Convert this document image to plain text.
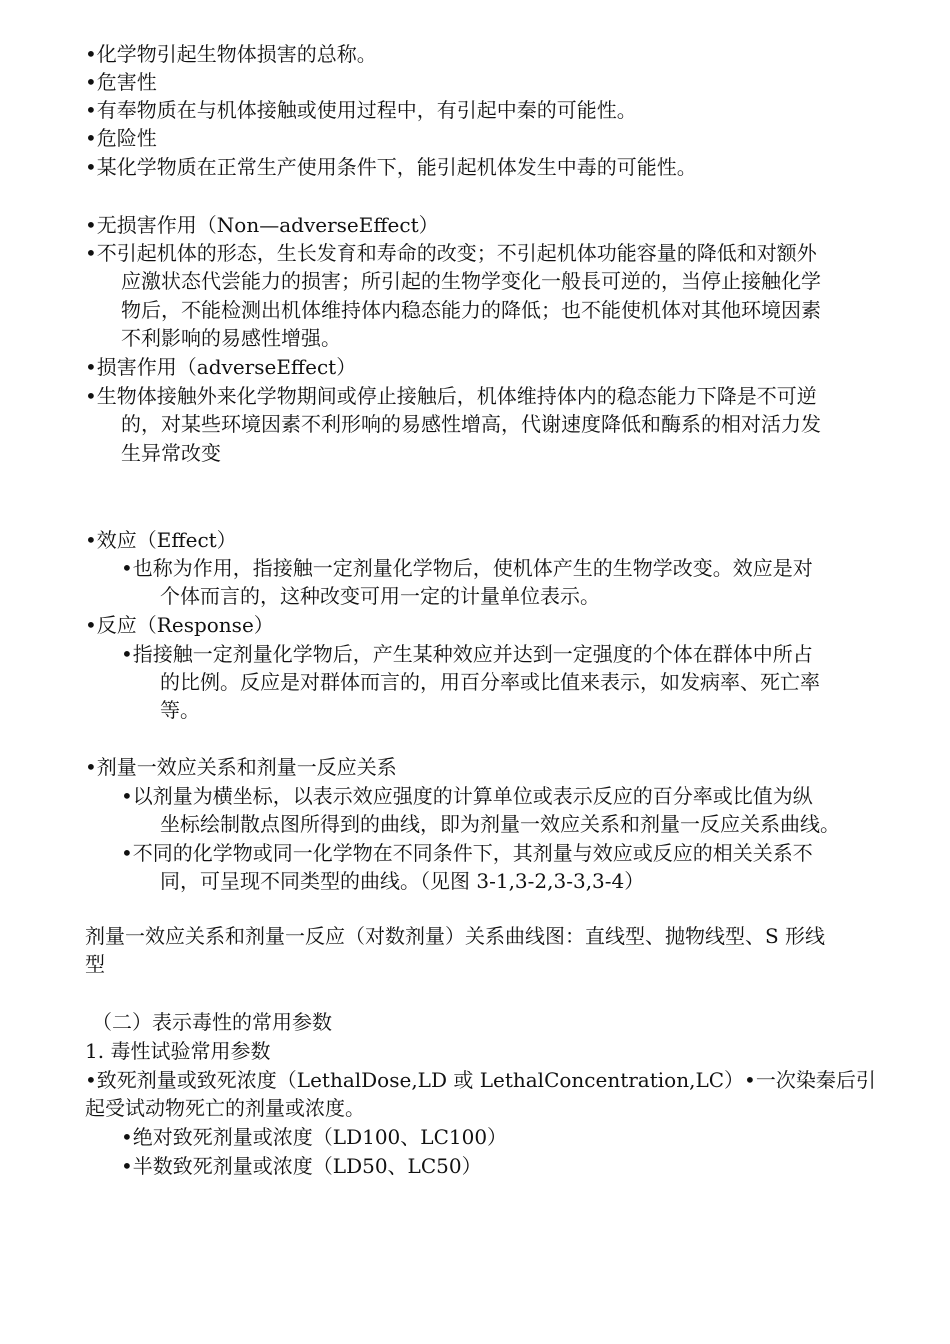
•化学物引起生物体损害的总称。
•危害性
•有奉物质在与机体接触或使用过程中，有引起中秦的可能性。
•危险性
•某化学物质在正常生产使用条件下，能引起机体发生中毒的可能性。
•无损害作用（Non—adverseEffect）
•不引起机体的形态，生长发育和寿命的改变；不引起机体功能容量的降低和对额外
应激状态代尝能力的损害；所引起的生物学变化一般長可逆的，当停止接触化学
物后，不能检测出机体维持体内稳态能力的降低；也不能使机体对其他环境因素
不利影响的易感性增强。
•损害作用（adverseEffect）
•生物体接触外来化学物期间或停止接触后，机体维持体内的稳态能力下降是不可逆
的，对某些环境因素不利形响的易感性增高，代谢速度降低和酶系的相对活力发
生异常改变
•效应（Effect）
•也称为作用，指接触一定剂量化学物后，使机体产生的生物学改变。效应是对
个体而言的，这种改变可用一定的计量单位表示。
•反应（Response）
•指接触一定剂量化学物后，产生某种效应并达到一定强度的个体在群体中所占
的比例。反应是对群体而言的，用百分率或比值来表示，如发病率、死亡率
等。
•剂量一效应关系和剂量一反应关系
•以剂量为横坐标，以表示效应强度的计算单位或表示反应的百分率或比值为纵
坐标绘制散点图所得到的曲线，即为剂量一效应关系和剂量一反应关系曲线。
•不同的化学物或同一化学物在不同条件下，其剂量与效应或反应的相关关系不
同，可呈现不同类型的曲线。（见图 3-1,3-2,3-3,3-4）
剂量一效应关系和剂量一反应（对数剂量）关系曲线图：直线型、抛物线型、S 形线
型
（二）表示毒性的常用参数
1. 毒性试验常用参数
•致死剂量或致死浓度（LethalDose,LD 或 LethalConcentration,LC）•一次染秦后引
起受试动物死亡的剂量或浓度。
•绝对致死剂量或浓度（LD100、LC100）
•半数致死剂量或浓度（LD50、LC50）
